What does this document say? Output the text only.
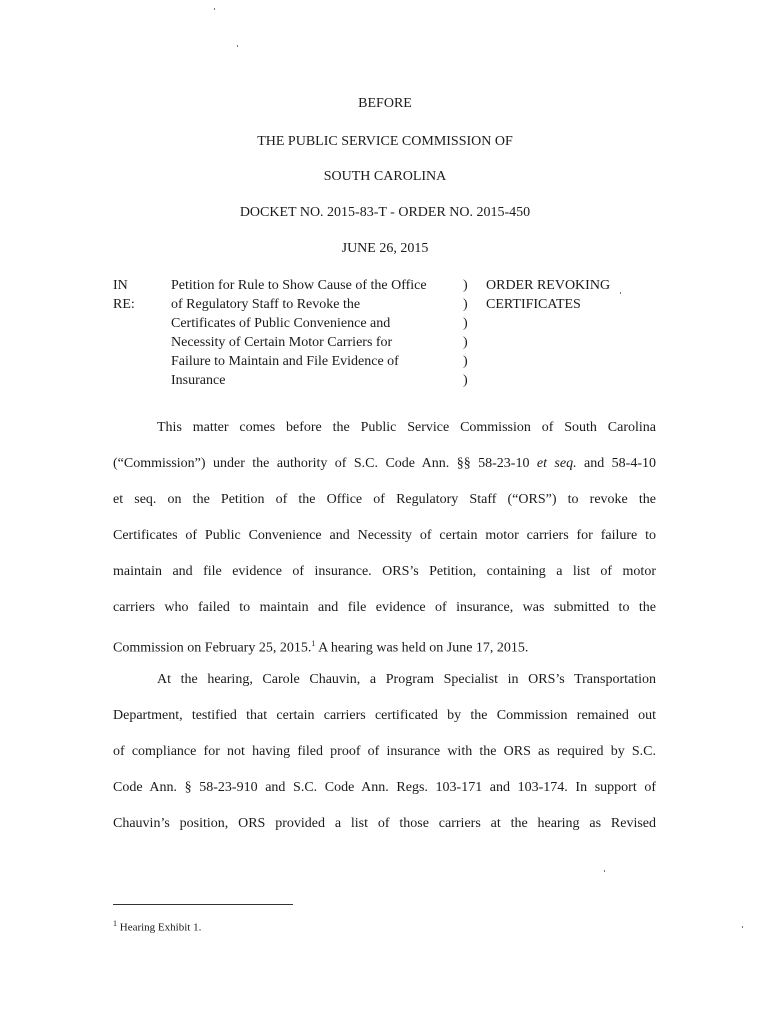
BEFORE
THE PUBLIC SERVICE COMMISSION OF
SOUTH CAROLINA
DOCKET NO. 2015-83-T - ORDER NO. 2015-450
JUNE 26, 2015
IN RE:
Petition for Rule to Show Cause of the Office
of Regulatory Staff to Revoke the
Certificates of Public Convenience and
Necessity of Certain Motor Carriers for
Failure to Maintain and File Evidence of
Insurance
)
)
)
)
)
)
ORDER REVOKING
CERTIFICATES
This matter comes before the Public Service Commission of South Carolina
(“Commission”) under the authority of S.C. Code Ann. §§ 58-23-10 et seq. and 58-4-10
et seq. on the Petition of the Office of Regulatory Staff (“ORS”) to revoke the
Certificates of Public Convenience and Necessity of certain motor carriers for failure to
maintain and file evidence of insurance. ORS’s Petition, containing a list of motor
carriers who failed to maintain and file evidence of insurance, was submitted to the
Commission on February 25, 2015.$^1$ A hearing was held on June 17, 2015.
At the hearing, Carole Chauvin, a Program Specialist in ORS’s Transportation
Department, testified that certain carriers certificated by the Commission remained out
of compliance for not having filed proof of insurance with the ORS as required by S.C.
Code Ann. § 58-23-910 and S.C. Code Ann. Regs. 103-171 and 103-174. In support of
Chauvin’s position, ORS provided a list of those carriers at the hearing as Revised
$^1$ Hearing Exhibit 1.
